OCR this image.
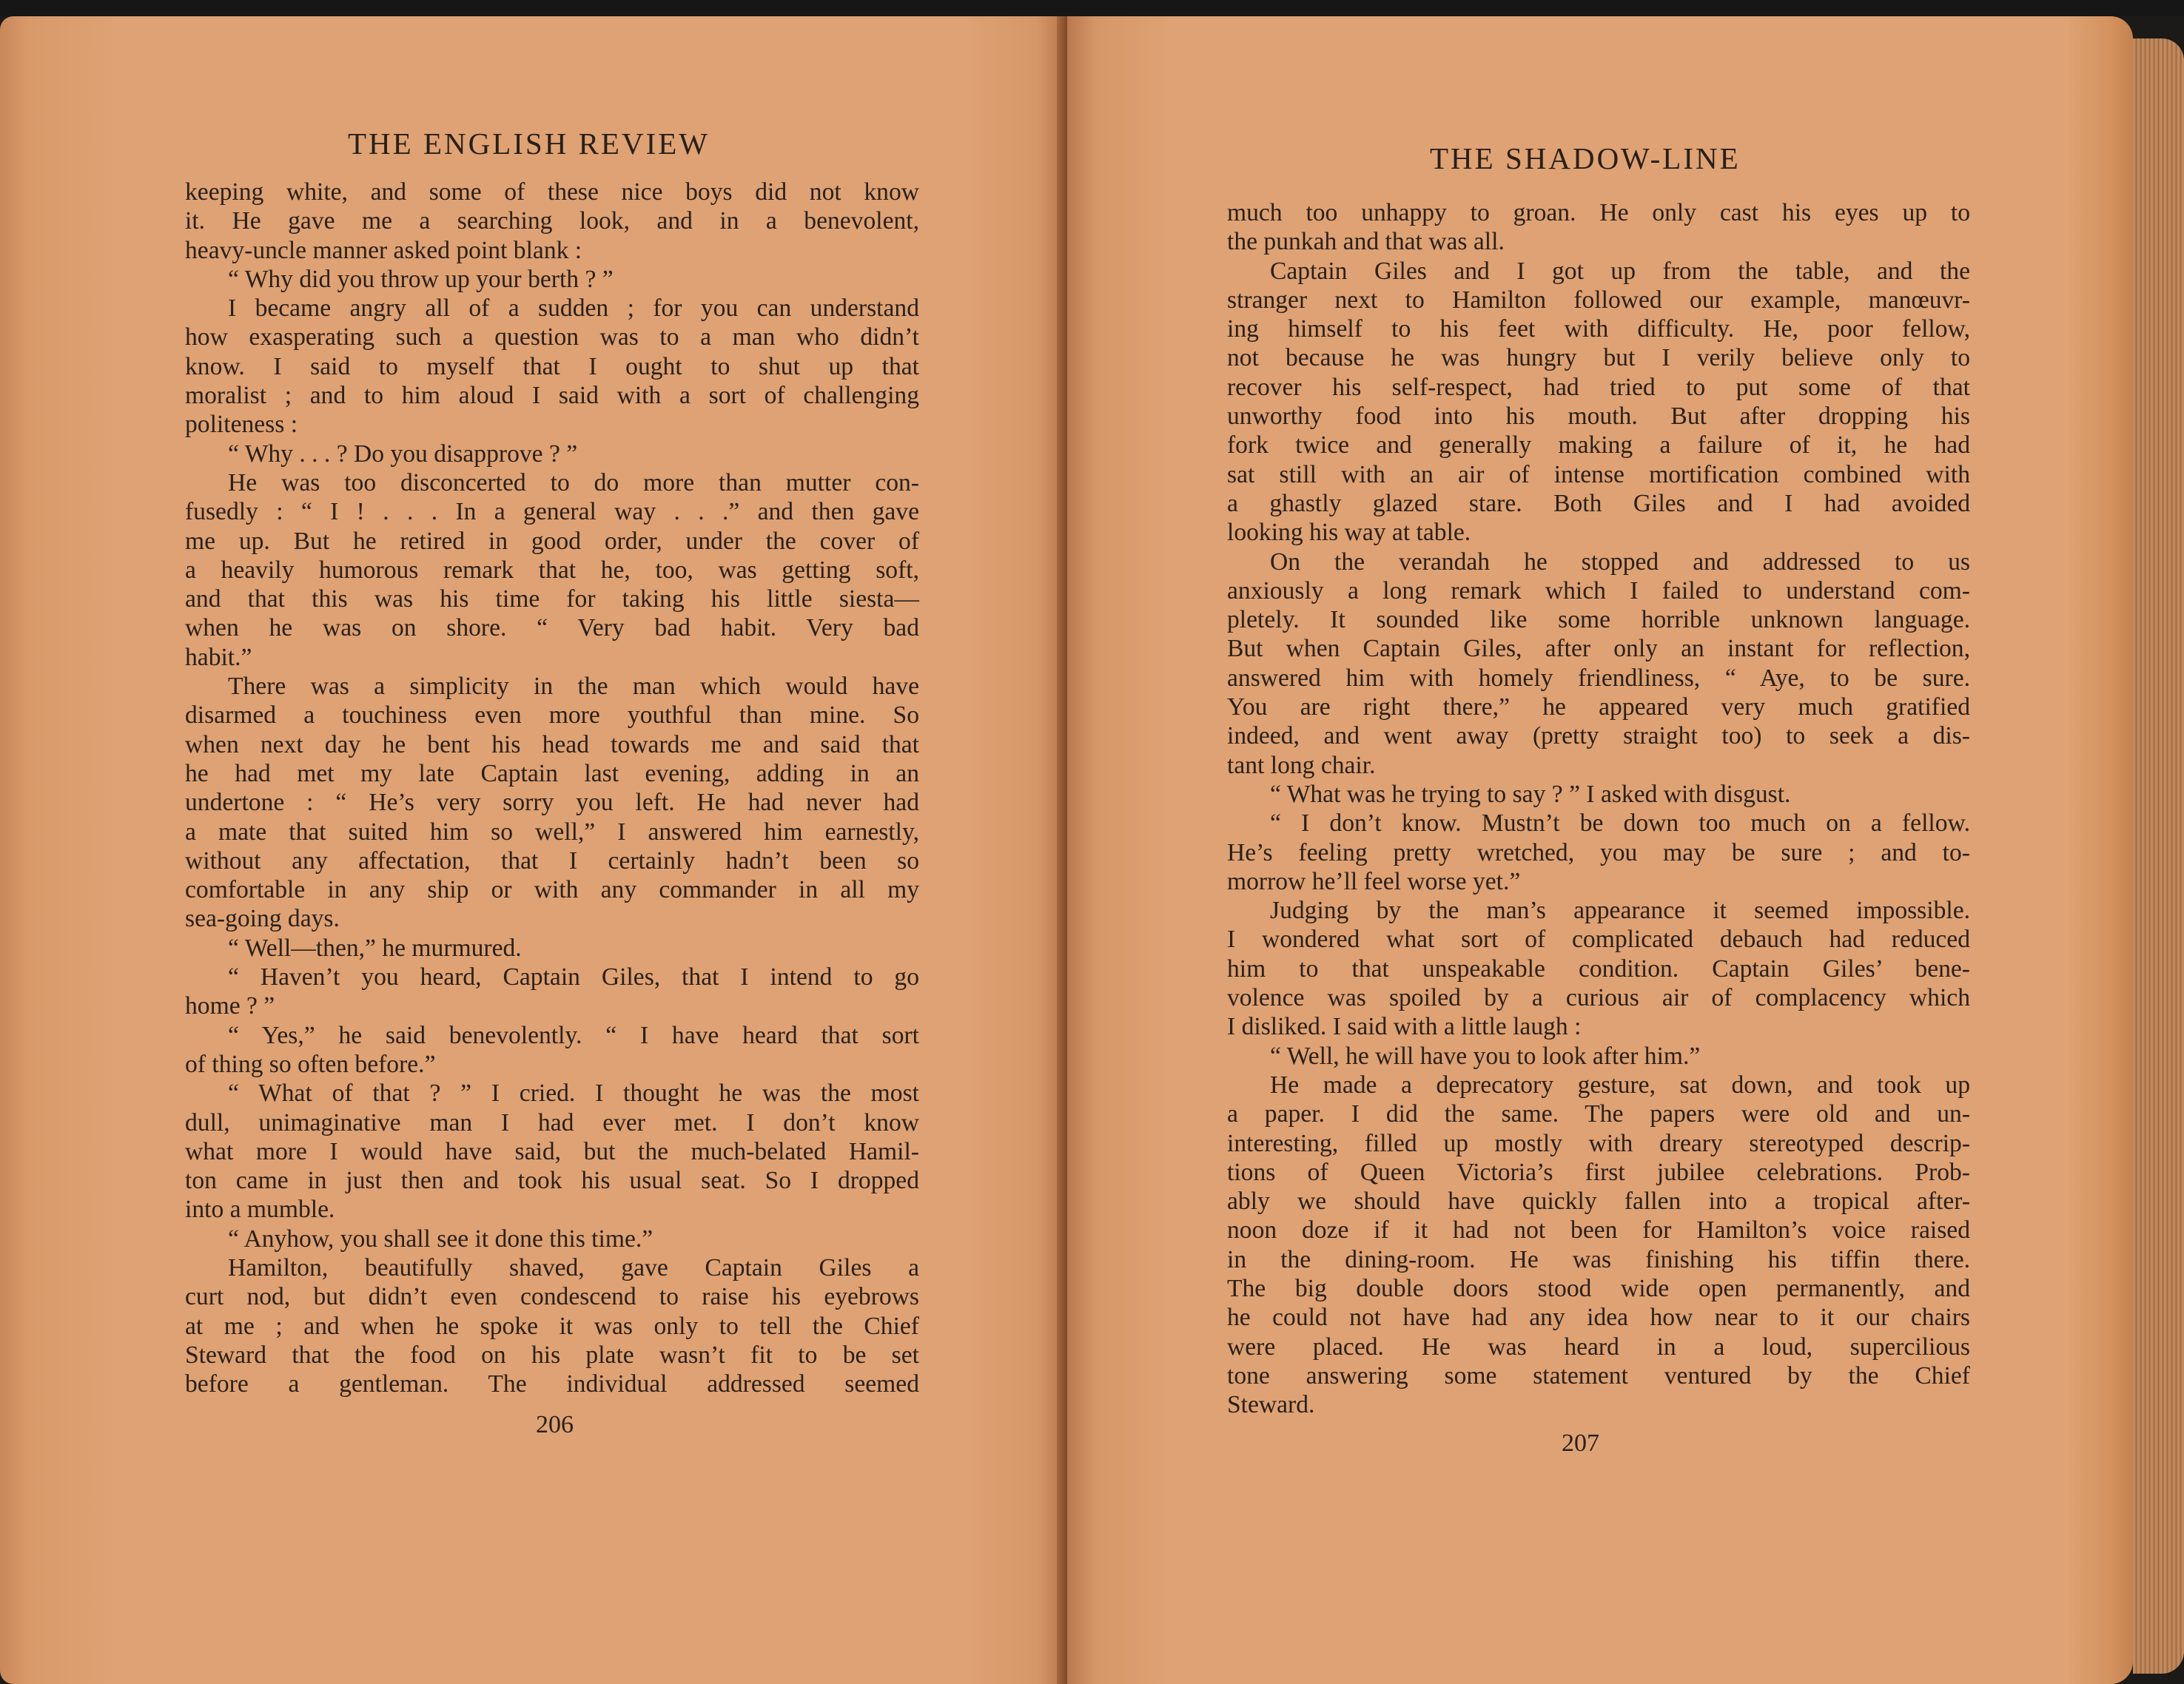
THE ENGLISH REVIEW
keeping white, and some of these nice boys did not know
it. He gave me a searching look, and in a benevolent,
heavy-uncle manner asked point blank :
“ Why did you throw up your berth ? ”
I became angry all of a sudden ; for you can understand
how exasperating such a question was to a man who didn’t
know. I said to myself that I ought to shut up that
moralist ; and to him aloud I said with a sort of challenging
politeness :
“ Why . . . ? Do you disapprove ? ”
He was too disconcerted to do more than mutter con-
fusedly : “ I ! . . . In a general way . . .” and then gave
me up. But he retired in good order, under the cover of
a heavily humorous remark that he, too, was getting soft,
and that this was his time for taking his little siesta—
when he was on shore. “ Very bad habit. Very bad
habit.”
There was a simplicity in the man which would have
disarmed a touchiness even more youthful than mine. So
when next day he bent his head towards me and said that
he had met my late Captain last evening, adding in an
undertone : “ He’s very sorry you left. He had never had
a mate that suited him so well,” I answered him earnestly,
without any affectation, that I certainly hadn’t been so
comfortable in any ship or with any commander in all my
sea-going days.
“ Well—then,” he murmured.
“ Haven’t you heard, Captain Giles, that I intend to go
home ? ”
“ Yes,” he said benevolently. “ I have heard that sort
of thing so often before.”
“ What of that ? ” I cried. I thought he was the most
dull, unimaginative man I had ever met. I don’t know
what more I would have said, but the much-belated Hamil-
ton came in just then and took his usual seat. So I dropped
into a mumble.
“ Anyhow, you shall see it done this time.”
Hamilton, beautifully shaved, gave Captain Giles a
curt nod, but didn’t even condescend to raise his eyebrows
at me ; and when he spoke it was only to tell the Chief
Steward that the food on his plate wasn’t fit to be set
before a gentleman. The individual addressed seemed
206
THE SHADOW-LINE
much too unhappy to groan. He only cast his eyes up to
the punkah and that was all.
Captain Giles and I got up from the table, and the
stranger next to Hamilton followed our example, manœuvr-
ing himself to his feet with difficulty. He, poor fellow,
not because he was hungry but I verily believe only to
recover his self-respect, had tried to put some of that
unworthy food into his mouth. But after dropping his
fork twice and generally making a failure of it, he had
sat still with an air of intense mortification combined with
a ghastly glazed stare. Both Giles and I had avoided
looking his way at table.
On the verandah he stopped and addressed to us
anxiously a long remark which I failed to understand com-
pletely. It sounded like some horrible unknown language.
But when Captain Giles, after only an instant for reflection,
answered him with homely friendliness, “ Aye, to be sure.
You are right there,” he appeared very much gratified
indeed, and went away (pretty straight too) to seek a dis-
tant long chair.
“ What was he trying to say ? ” I asked with disgust.
“ I don’t know. Mustn’t be down too much on a fellow.
He’s feeling pretty wretched, you may be sure ; and to-
morrow he’ll feel worse yet.”
Judging by the man’s appearance it seemed impossible.
I wondered what sort of complicated debauch had reduced
him to that unspeakable condition. Captain Giles’ bene-
volence was spoiled by a curious air of complacency which
I disliked. I said with a little laugh :
“ Well, he will have you to look after him.”
He made a deprecatory gesture, sat down, and took up
a paper. I did the same. The papers were old and un-
interesting, filled up mostly with dreary stereotyped descrip-
tions of Queen Victoria’s first jubilee celebrations. Prob-
ably we should have quickly fallen into a tropical after-
noon doze if it had not been for Hamilton’s voice raised
in the dining-room. He was finishing his tiffin there.
The big double doors stood wide open permanently, and
he could not have had any idea how near to it our chairs
were placed. He was heard in a loud, supercilious
tone answering some statement ventured by the Chief
Steward.
207
